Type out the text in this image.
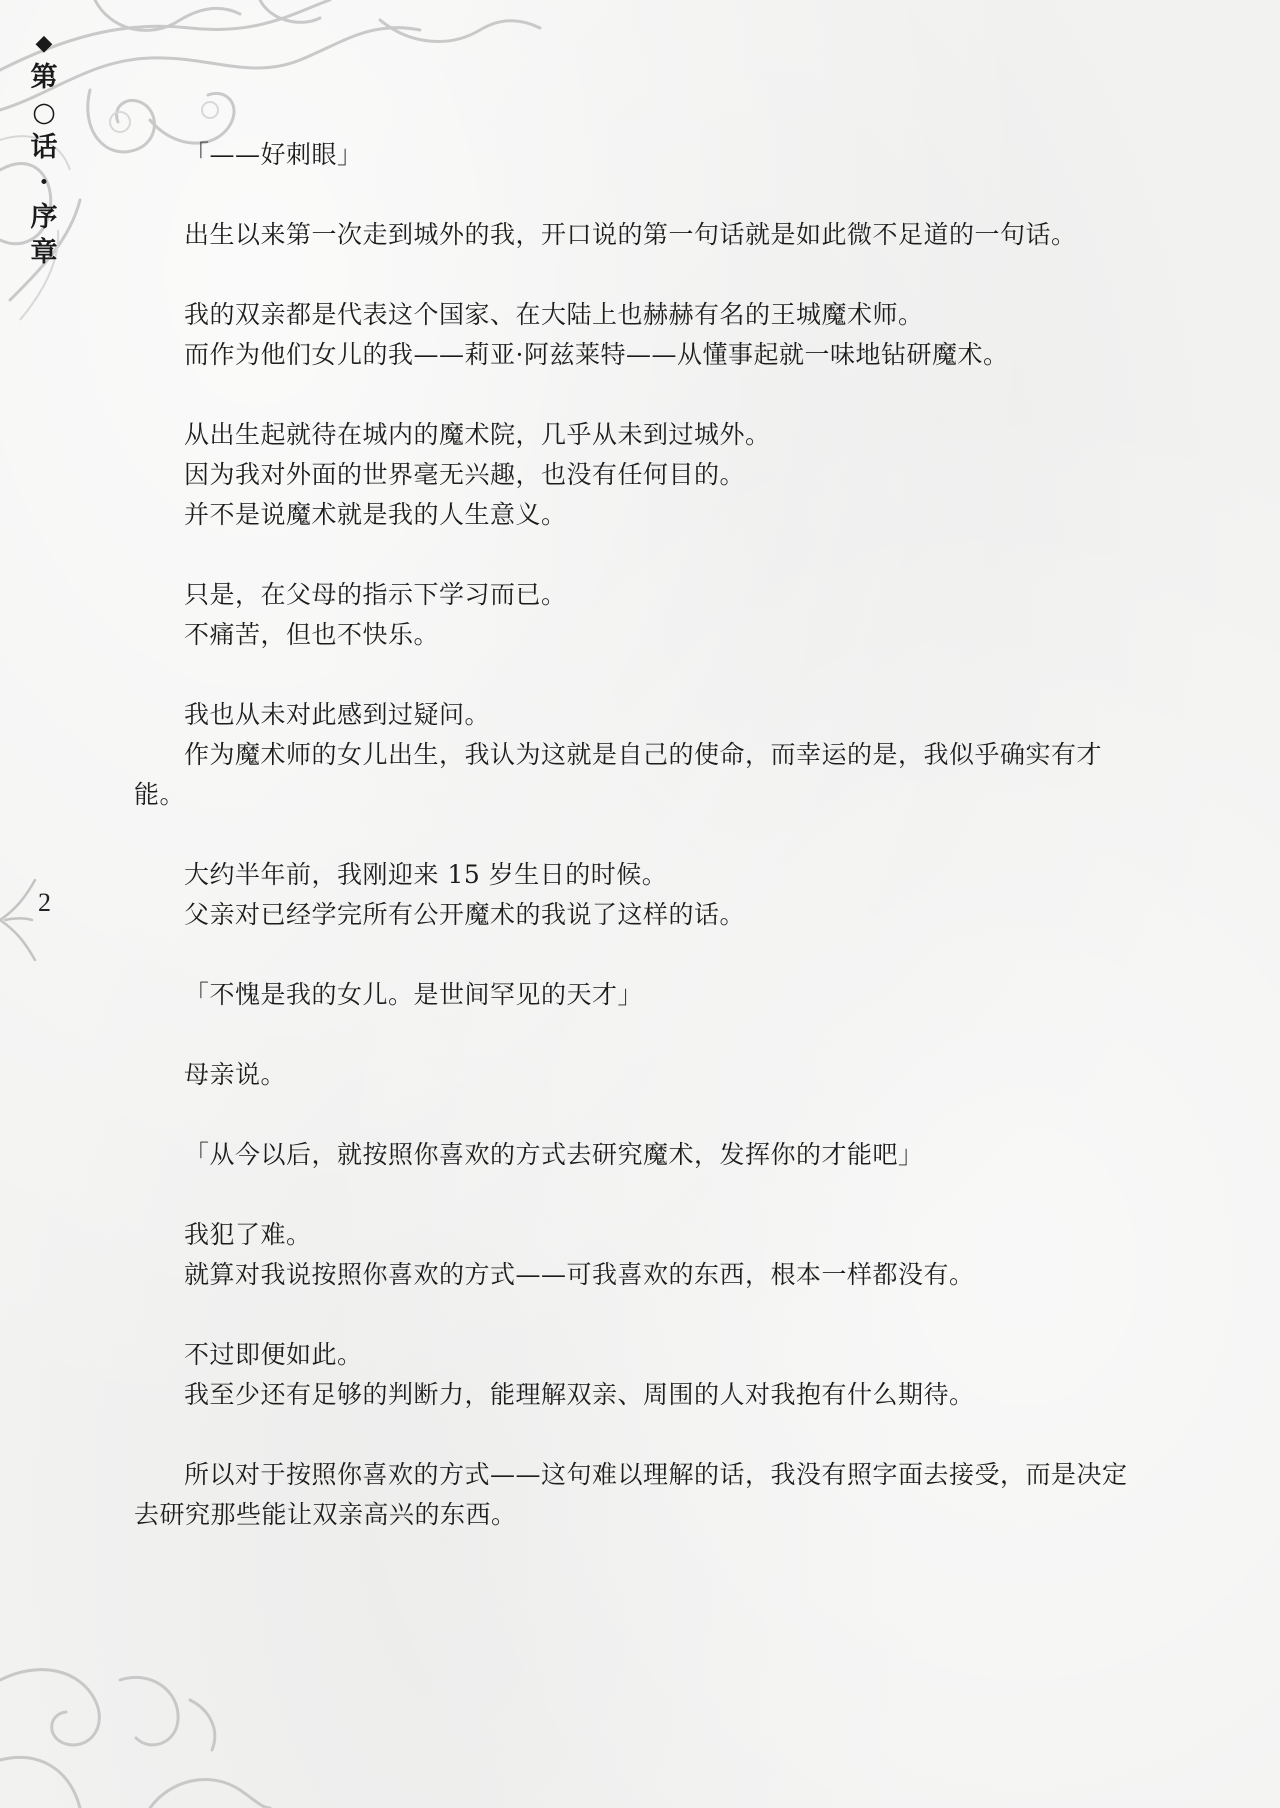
◆
第
○
话
·
序
章
2

「——好刺眼」

出生以来第一次走到城外的我，开口说的第一句话就是如此微不足道的一句话。

我的双亲都是代表这个国家、在大陆上也赫赫有名的王城魔术师。

而作为他们女儿的我——莉亚·阿兹莱特——从懂事起就一味地钻研魔术。

从出生起就待在城内的魔术院，几乎从未到过城外。

因为我对外面的世界毫无兴趣，也没有任何目的。

并不是说魔术就是我的人生意义。

只是，在父母的指示下学习而已。

不痛苦，但也不快乐。

我也从未对此感到过疑问。

作为魔术师的女儿出生，我认为这就是自己的使命，而幸运的是，我似乎确实有才能。

大约半年前，我刚迎来 15 岁生日的时候。

父亲对已经学完所有公开魔术的我说了这样的话。

「不愧是我的女儿。是世间罕见的天才」

母亲说。

「从今以后，就按照你喜欢的方式去研究魔术，发挥你的才能吧」

我犯了难。

就算对我说按照你喜欢的方式——可我喜欢的东西，根本一样都没有。

不过即便如此。

我至少还有足够的判断力，能理解双亲、周围的人对我抱有什么期待。

所以对于按照你喜欢的方式——这句难以理解的话，我没有照字面去接受，而是决定去研究那些能让双亲高兴的东西。
